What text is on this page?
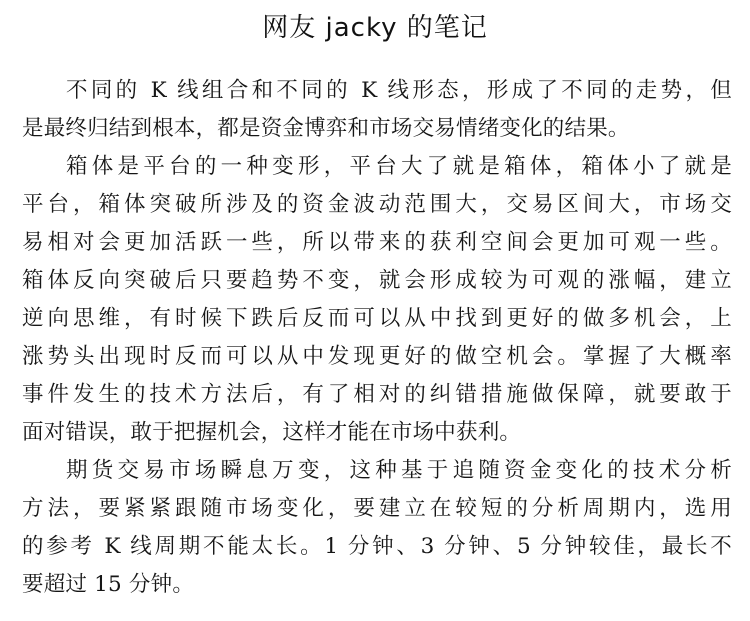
网友 jacky 的笔记
不同的 K 线组合和不同的 K 线形态，形成了不同的走势，但
是最终归结到根本，都是资金博弈和市场交易情绪变化的结果。
箱体是平台的一种变形，平台大了就是箱体，箱体小了就是
平台，箱体突破所涉及的资金波动范围大，交易区间大，市场交
易相对会更加活跃一些，所以带来的获利空间会更加可观一些。
箱体反向突破后只要趋势不变，就会形成较为可观的涨幅，建立
逆向思维，有时候下跌后反而可以从中找到更好的做多机会，上
涨势头出现时反而可以从中发现更好的做空机会。掌握了大概率
事件发生的技术方法后，有了相对的纠错措施做保障，就要敢于
面对错误，敢于把握机会，这样才能在市场中获利。
期货交易市场瞬息万变，这种基于追随资金变化的技术分析
方法，要紧紧跟随市场变化，要建立在较短的分析周期内，选用
的参考 K 线周期不能太长。1 分钟、3 分钟、5 分钟较佳，最长不
要超过 15 分钟。
